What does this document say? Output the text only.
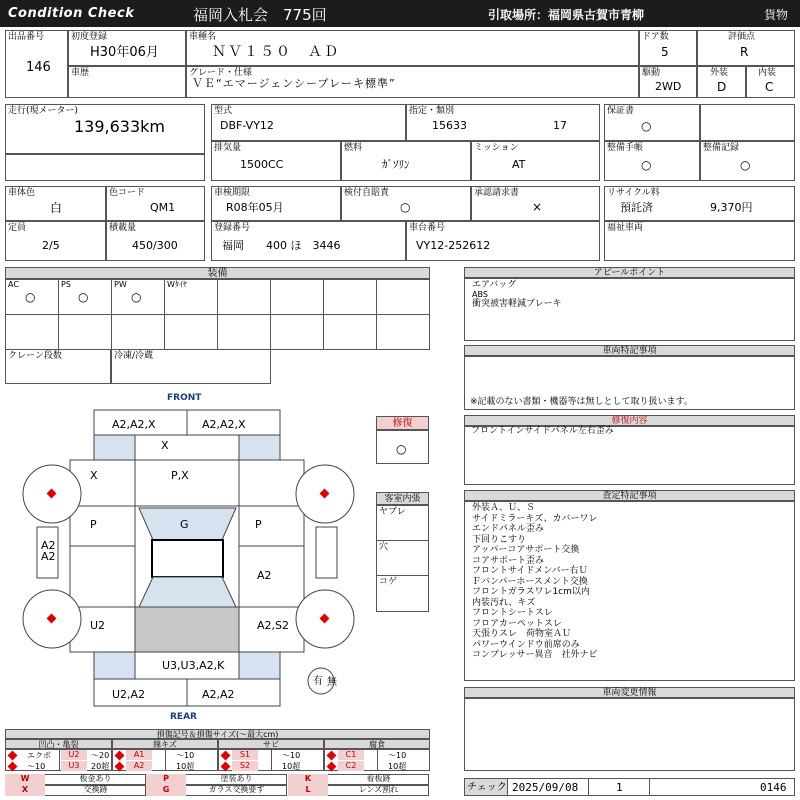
Condition Check	福岡入札会　775回	引取場所：福岡県古賀市青柳	貨物
出品番号
146
初度登録
H30年06月
車種名
ＮＶ１５０　ＡＤ
ドア数
5
評価点
R
車歴	グレード・仕様
ＶＥ“エマージェンシーブレーキ標準”
駆動
2WD
外装
D
内装
C
走行(現メーター)
139,633km
型式
DBF-VY12
指定・類別
15633	17
排気量
1500CC
燃料
ｶﾞｿﾘﾝ
ミッション
AT
保証書
○
整備手帳
○
整備記録
○
車体色
白
色コード
QM1
定員
2/5
積載量
450/300
車検期限
R08年05月
検付自賠責
○
承認請求書
×
登録番号
福岡　　400 ほ　3446
車台番号
VY12-252612
リサイクル料
預託済	9,370円
福祉車両
装備
AC
○
PS
○
PW
○
Wﾀｲﾔ
クレーン段数	冷凍/冷蔵
アピールポイント
エアバッグ
ABS
衝突被害軽減ブレーキ
車両特記事項
※記載のない書類・機器等は無しとして取り扱います。
修復内容
フロントインサイドパネル左右歪み
査定特記事項
外装Ａ、Ｕ、Ｓ
サイドミラーキズ、カバーワレ
エンドパネル歪み
下回りこすり
アッパーコアサポート交換
コアサポート歪み
フロントサイドメンバー右Ｕ
Ｆバンパーホースメント交換
フロントガラスワレ1cm以内
内装汚れ、キズ
フロントシートスレ
フロアカーペットスレ
天張りスレ　荷物室ＡＵ
パワーウインドウ前席のみ
コンプレッサー異音　社外ナビ
車両変更情報
チェック 2025/09/08	1	0146
FRONT
REAR
A2,A2,X	A2,A2,X
X
X	P,X
P	G	P
A2
A2
A2
U2	A2,S2
U3,U3,A2,K
U2,A2	A2,A2
有 無
修復
○
客室内張
ヤブレ
穴
コゲ
損傷記号＆損傷サイズ(～最大cm)
凹凸・亀裂	線キズ	サビ	腐食
エクボ	U2	～20
～10	U3	20超
A1	～10
A2	10超
S1	～10
S2	10超
C1	～10
C2	10超
W	板金あり
X	交換跡
P	塗装あり
G	ガラス交換要す
K	看板跡
L	レンズ割れ
